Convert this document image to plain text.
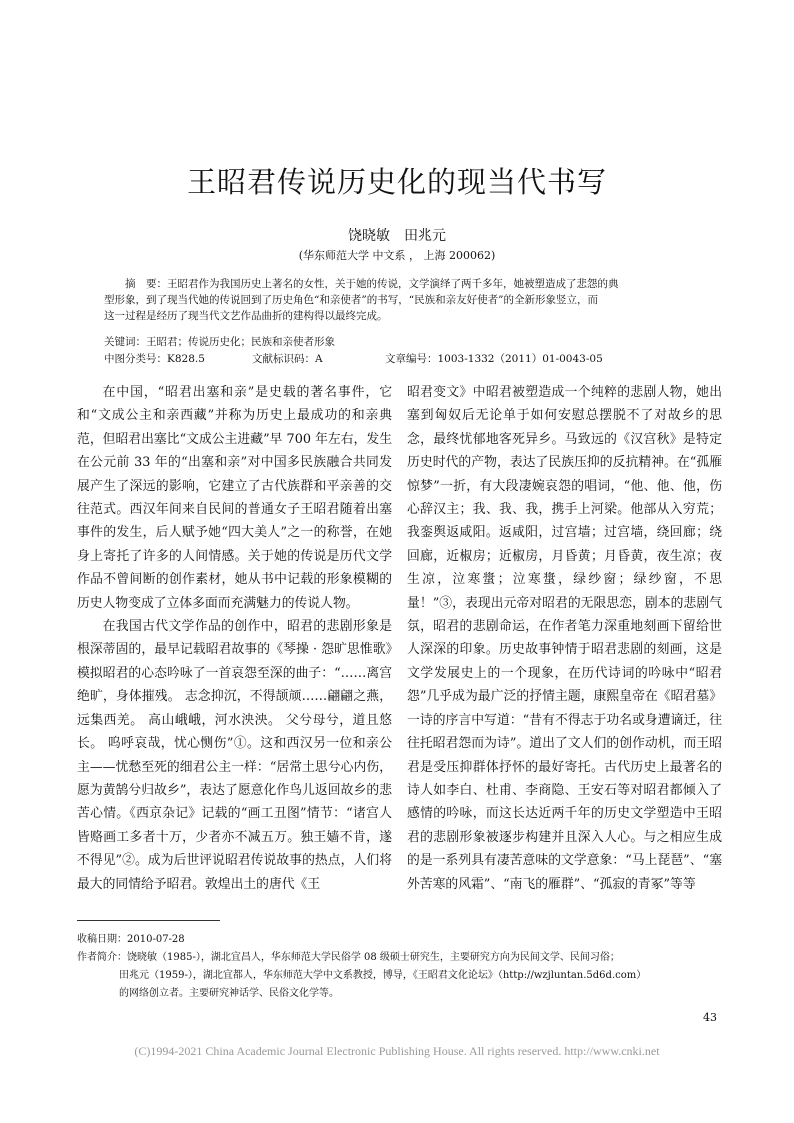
王昭君传说历史化的现当代书写
饶晓敏　田兆元
(华东师范大学 中文系 ， 上海 200062)

摘　要：王昭君作为我国历史上著名的女性，关于她的传说，文学演绎了两千多年，她被塑造成了悲怨的典

型形象，到了现当代她的传说回到了历史角色“和亲使者”的书写，“民族和亲友好使者”的全新形象竖立，而

这一过程是经历了现当代文艺作品曲折的建构得以最终完成。

关键词：王昭君；传说历史化；民族和亲使者形象
中图分类号：K828.5	文献标识码：A	文章编号：1003-1332（2011）01-0043-05

在中国，“昭君出塞和亲”是史载的著名事件，它和“文成公主和亲西藏”并称为历史上最成功的和亲典范，但昭君出塞比“文成公主进藏”早 700 年左右，发生在公元前 33 年的“出塞和亲”对中国多民族融合共同发展产生了深远的影响，它建立了古代族群和平亲善的交往范式。西汉年间来自民间的普通女子王昭君随着出塞事件的发生，后人赋予她“四大美人”之一的称誉，在她身上寄托了许多的人间情感。关于她的传说是历代文学作品不曾间断的创作素材，她从书中记载的形象模糊的历史人物变成了立体多面而充满魅力的传说人物。

在我国古代文学作品的创作中，昭君的悲剧形象是根深蒂固的，最早记载昭君故事的《琴操 · 怨旷思惟歌》模拟昭君的心态吟咏了一首哀怨至深的曲子：“……离宫绝旷，身体摧残。 志念抑沉，不得颉颃……翩翩之燕，远集西羌。 高山峨峨，河水泱泱。 父兮母兮，道且悠长。 呜呼哀哉，忧心恻伤”①。这和西汉另一位和亲公主——忧愁至死的细君公主一样：“居常土思兮心内伤， 愿为黄鹄兮归故乡”，表达了愿意化作鸟儿返回故乡的悲苦心情。《西京杂记》记载的“画工丑图”情节：“诸宫人皆赂画工多者十万，少者亦不减五万。独王嫱不肯，遂不得见”②。成为后世评说昭君传说故事的热点，人们将最大的同情给予昭君。敦煌出土的唐代《王

昭君变文》中昭君被塑造成一个纯粹的悲剧人物，她出塞到匈奴后无论单于如何安慰总摆脱不了对故乡的思念，最终忧郁地客死异乡。马致远的《汉宫秋》是特定历史时代的产物，表达了民族压抑的反抗精神。在“孤雁惊梦”一折，有大段凄婉哀怨的唱词，“他、他、他，伤心辞汉主；我、我、我，携手上河梁。他部从入穷荒；我銮舆返咸阳。返咸阳，过宫墙；过宫墙，绕回廊；绕回廊，近椒房；近椒房，月昏黄；月昏黄，夜生凉；夜生凉，泣寒螀；泣寒螀，绿纱窗；绿纱窗，不思量！”③，表现出元帝对昭君的无限思恋，剧本的悲剧气氛，昭君的悲剧命运，在作者笔力深重地刻画下留给世人深深的印象。历史故事钟情于昭君悲剧的刻画，这是文学发展史上的一个现象，在历代诗词的吟咏中“昭君怨”几乎成为最广泛的抒情主题，康熙皇帝在《昭君墓》一诗的序言中写道：“昔有不得志于功名或身遭谪迁，往往托昭君怨而为诗”。道出了文人们的创作动机，而王昭君是受压抑群体抒怀的最好寄托。古代历史上最著名的诗人如李白、杜甫、李商隐、王安石等对昭君都倾入了感情的吟咏，而这长达近两千年的历史文学塑造中王昭君的悲剧形象被逐步构建并且深入人心。与之相应生成的是一系列具有凄苦意味的文学意象：“马上琵琶”、“塞外苦寒的风霜”、“南飞的雁群”、“孤寂的青冢”等等

收稿日期：2010-07-28

作者简介：饶晓敏（1985-），湖北宜昌人，华东师范大学民俗学 08 级硕士研究生，主要研究方向为民间文学、民间习俗；

田兆元（1959-），湖北宜都人，华东师范大学中文系教授，博导，《王昭君文化论坛》（http://wzjluntan.5d6d.com）

的网络创立者。主要研究神话学、民俗文化学等。

43
(C)1994-2021 China Academic Journal Electronic Publishing House. All rights reserved. http://www.cnki.net
